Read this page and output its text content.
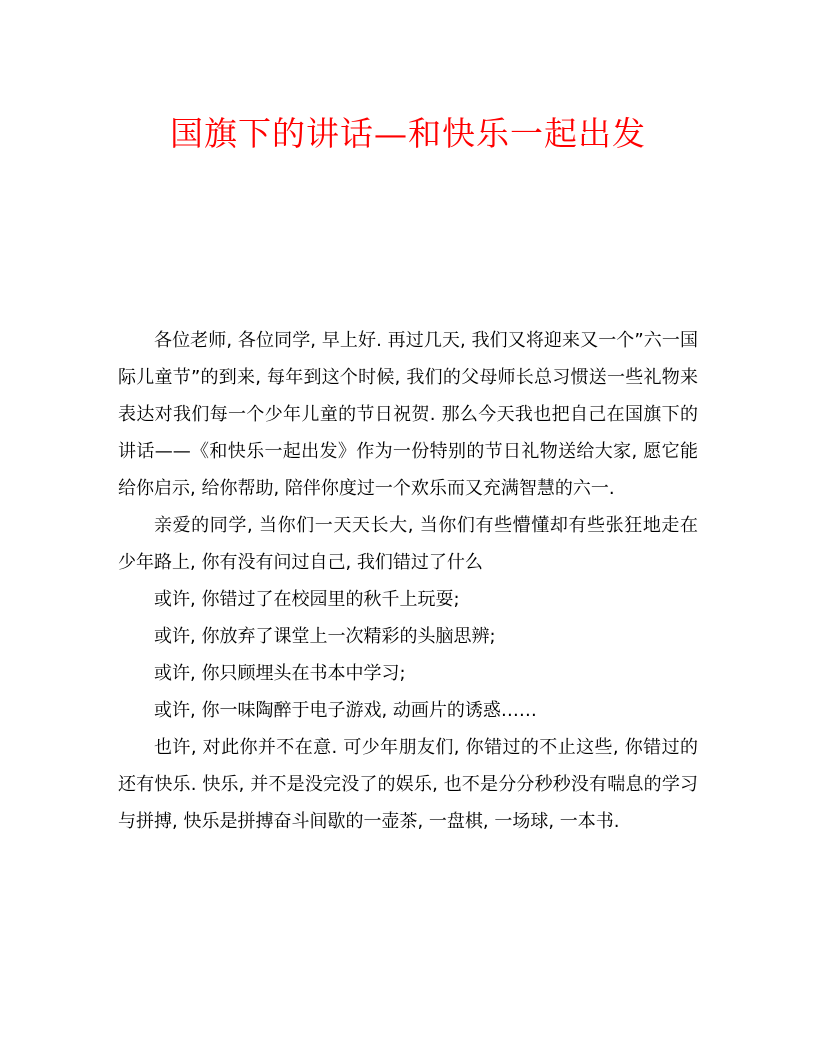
国旗下的讲话—和快乐一起出发

各位老师, 各位同学, 早上好. 再过几天, 我们又将迎来又一个”六一国际儿童节”的到来, 每年到这个时候, 我们的父母师长总习惯送一些礼物来表达对我们每一个少年儿童的节日祝贺. 那么今天我也把自己在国旗下的讲话——《和快乐一起出发》作为一份特别的节日礼物送给大家, 愿它能给你启示, 给你帮助, 陪伴你度过一个欢乐而又充满智慧的六一.

亲爱的同学, 当你们一天天长大, 当你们有些懵懂却有些张狂地走在少年路上, 你有没有问过自己, 我们错过了什么

或许, 你错过了在校园里的秋千上玩耍;

或许, 你放弃了课堂上一次精彩的头脑思辨;

或许, 你只顾埋头在书本中学习;

或许, 你一味陶醉于电子游戏, 动画片的诱惑……

也许, 对此你并不在意. 可少年朋友们, 你错过的不止这些, 你错过的还有快乐. 快乐, 并不是没完没了的娱乐, 也不是分分秒秒没有喘息的学习与拼搏, 快乐是拼搏奋斗间歇的一壶茶, 一盘棋, 一场球, 一本书.
